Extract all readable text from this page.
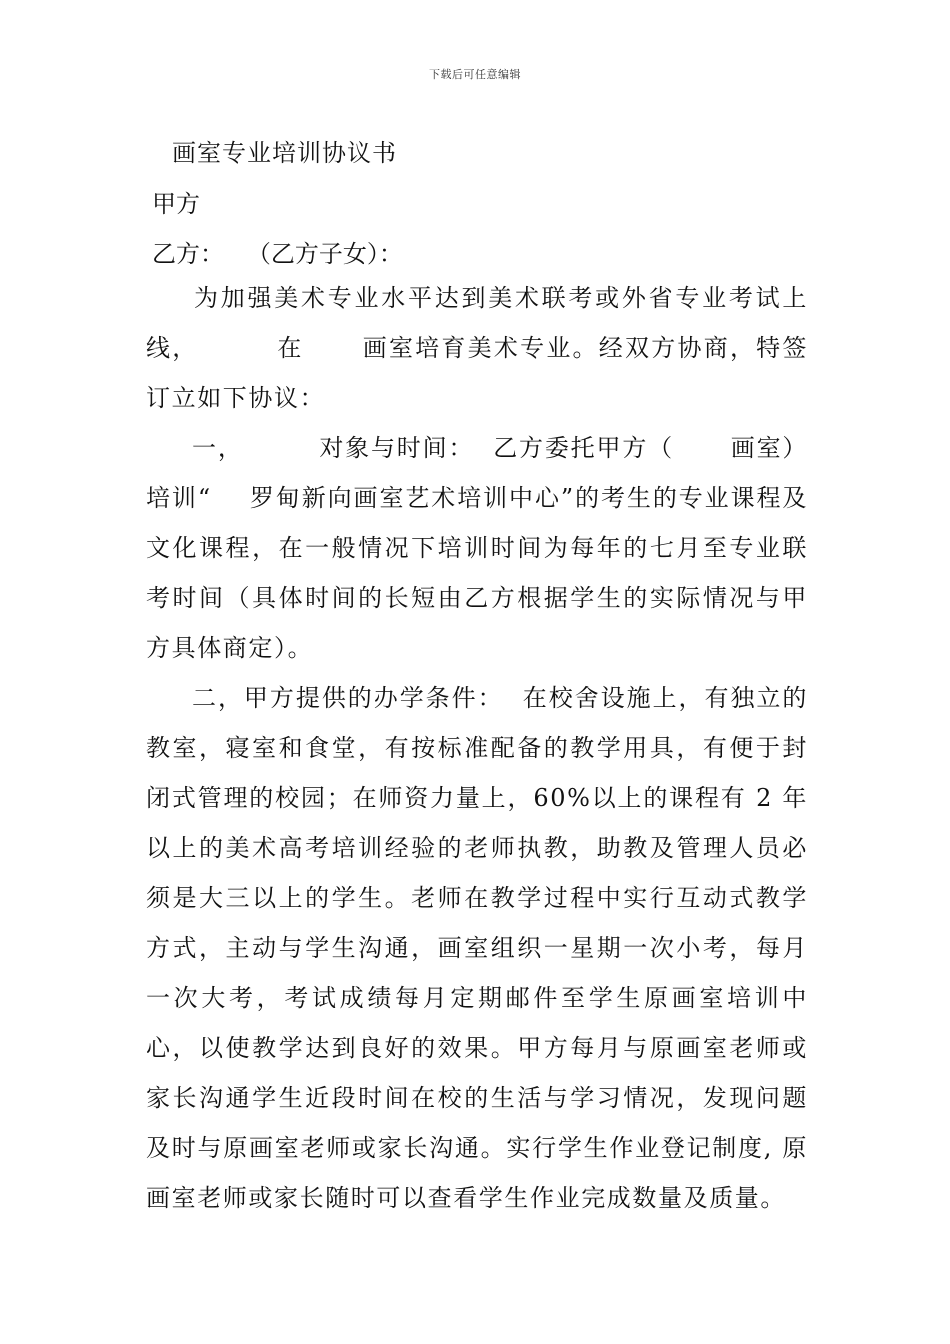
下载后可任意编辑
画室专业培训协议书
甲方
乙方：   （乙方子女）：

为加强美术专业水平达到美术联考或外省专业考试上线，        在      画室培育美术专业。经双方协商，特签订立如下协议：

一，        对象与时间：  乙方委托甲方（      画室）培训“    罗甸新向画室艺术培训中心”的考生的专业课程及文化课程，在一般情况下培训时间为每年的七月至专业联考时间（具体时间的长短由乙方根据学生的实际情况与甲方具体商定）。

二，甲方提供的办学条件：  在校舍设施上，有独立的教室，寝室和食堂，有按标准配备的教学用具，有便于封闭式管理的校园；在师资力量上，60%以上的课程有 2 年以上的美术高考培训经验的老师执教，助教及管理人员必须是大三以上的学生。老师在教学过程中实行互动式教学方式，主动与学生沟通，画室组织一星期一次小考，每月一次大考，考试成绩每月定期邮件至学生原画室培训中心，以使教学达到良好的效果。甲方每月与原画室老师或家长沟通学生近段时间在校的生活与学习情况，发现问题及时与原画室老师或家长沟通。实行学生作业登记制度, 原画室老师或家长随时可以查看学生作业完成数量及质量。
